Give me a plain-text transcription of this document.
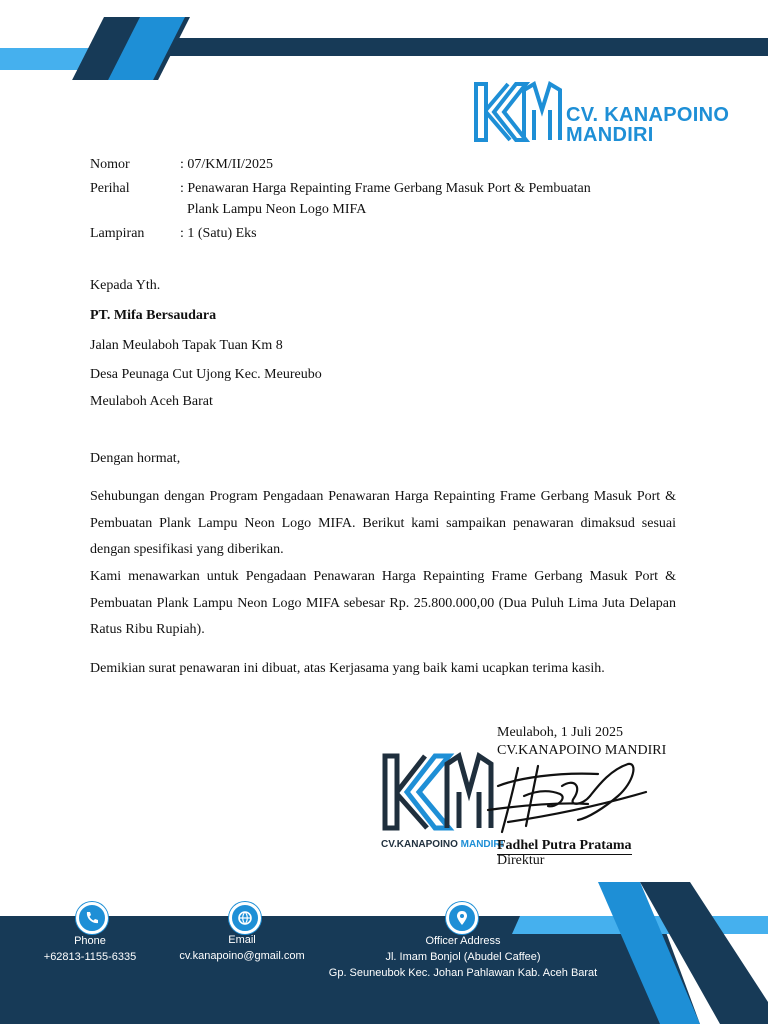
CV. KANAPOINO
MANDIRI
Nomor	: 07/KM/II/2025
Perihal	: Penawaran Harga Repainting Frame Gerbang Masuk Port & Pembuatan
Plank Lampu Neon Logo MIFA
Lampiran	: 1 (Satu) Eks
Kepada Yth.
PT. Mifa Bersaudara
Jalan Meulaboh Tapak Tuan Km 8
Desa Peunaga Cut Ujong Kec. Meureubo
Meulaboh Aceh Barat
Dengan hormat,
Sehubungan dengan Program Pengadaan Penawaran Harga Repainting Frame Gerbang Masuk Port & Pembuatan Plank Lampu Neon Logo MIFA. Berikut kami sampaikan penawaran dimaksud sesuai dengan spesifikasi yang diberikan.
Kami menawarkan untuk Pengadaan Penawaran Harga Repainting Frame Gerbang Masuk Port & Pembuatan Plank Lampu Neon Logo MIFA sebesar Rp. 25.800.000,00 (Dua Puluh Lima Juta Delapan Ratus Ribu Rupiah).
Demikian surat penawaran ini dibuat, atas Kerjasama yang baik kami ucapkan terima kasih.
Meulaboh, 1 Juli 2025
CV.KANAPOINO MANDIRI
CV.KANAPOINO MANDIRI
Fadhel Putra Pratama
Direktur
Phone
+62813-1155-6335
Email
cv.kanapoino@gmail.com
Officer Address
Jl. Imam Bonjol (Abudel Caffee)
Gp. Seuneubok Kec. Johan Pahlawan Kab. Aceh Barat
